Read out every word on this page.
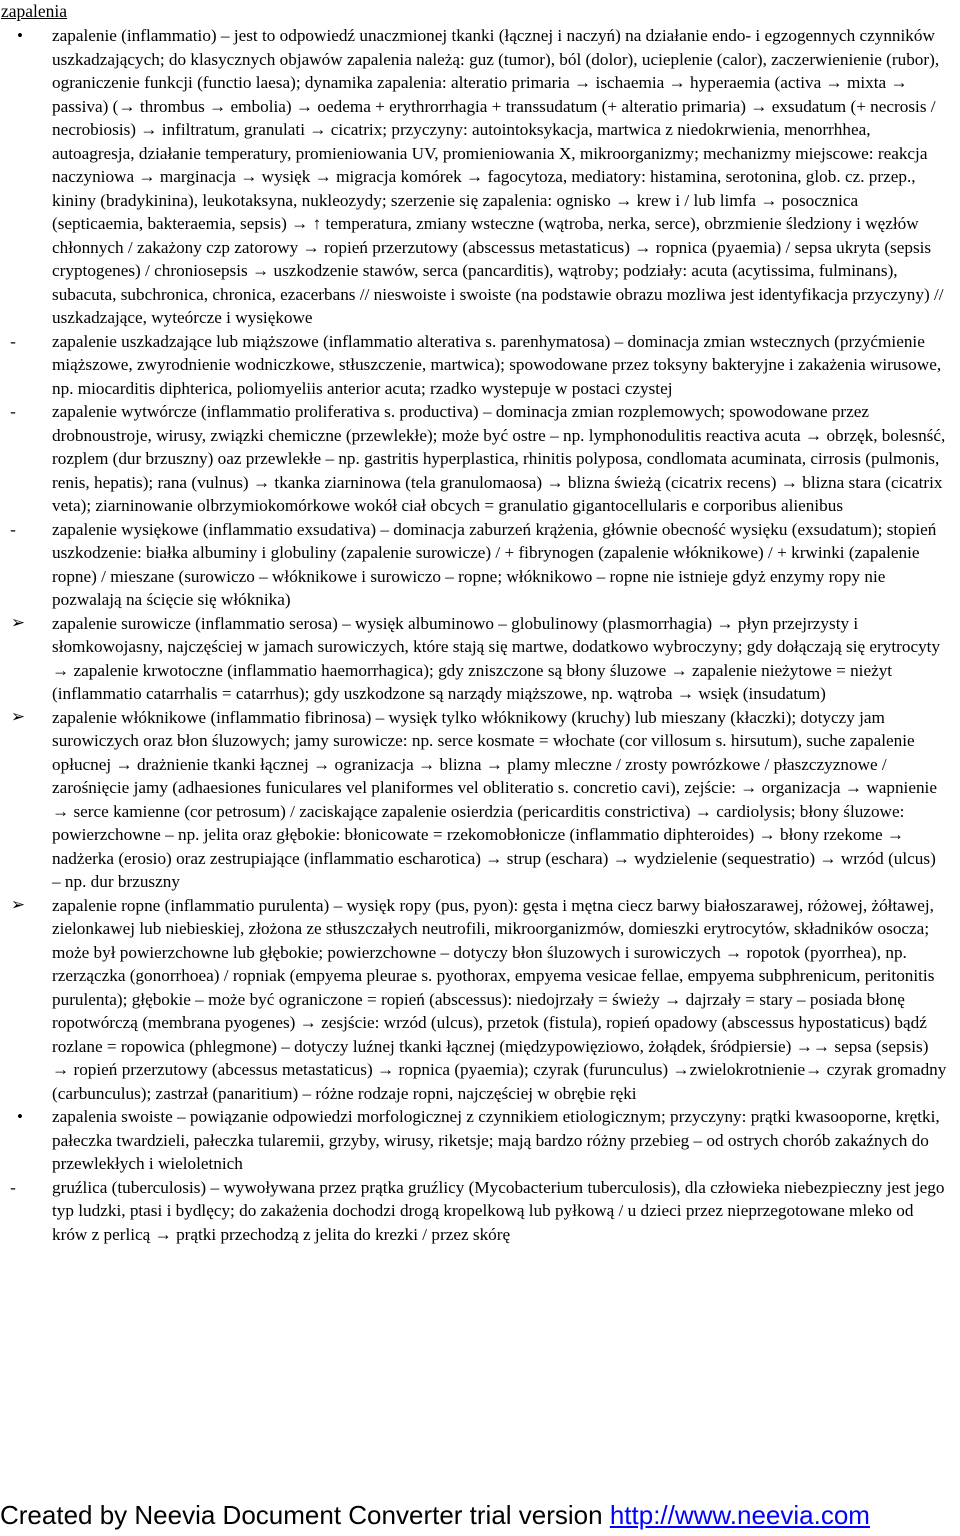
zapalenia
•	zapalenie (inflammatio) – jest to odpowiedź unaczmionej tkanki (łącznej i naczyń) na działanie endo- i egzogennych czynników uszkadzających; do klasycznych objawów zapalenia należą: guz (tumor), ból (dolor), ucieplenie (calor), zaczerwienienie (rubor), ograniczenie funkcji (functio laesa); dynamika zapalenia: alteratio primaria → ischaemia → hyperaemia (activa → mixta → passiva) (→ thrombus → embolia) → oedema + erythrorrhagia + transsudatum (+ alteratio primaria) → exsudatum (+ necrosis / necrobiosis) → infiltratum, granulati → cicatrix; przyczyny: autointoksykacja, martwica z niedokrwienia, menorrhhea, autoagresja, działanie temperatury, promieniowania UV, promieniowania X, mikroorganizmy; mechanizmy miejscowe: reakcja naczyniowa → marginacja → wysięk → migracja komórek → fagocytoza, mediatory: histamina, serotonina, glob. cz. przep., kininy (bradykinina), leukotaksyna, nukleozydy; szerzenie się zapalenia: ognisko → krew i / lub limfa → posocznica (septicaemia, bakteraemia, sepsis) → ↑ temperatura, zmiany wsteczne (wątroba, nerka, serce), obrzmienie śledziony i węzłów chłonnych / zakażony czp zatorowy → ropień przerzutowy (abscessus metastaticus) → ropnica (pyaemia) / sepsa ukryta (sepsis cryptogenes) / chroniosepsis → uszkodzenie stawów, serca (pancarditis), wątroby; podziały: acuta (acytissima, fulminans), subacuta, subchronica, chronica, ezacerbans // nieswoiste i swoiste (na podstawie obrazu mozliwa jest identyfikacja przyczyny) // uszkadzające, wyteórcze i wysiękowe
-	zapalenie uszkadzające lub miąższowe (inflammatio alterativa s. parenhymatosa) – dominacja zmian wstecznych (przyćmienie miąższowe, zwyrodnienie wodniczkowe, stłuszczenie, martwica); spowodowane przez toksyny bakteryjne i zakażenia wirusowe, np. miocarditis diphterica, poliomyeliis anterior acuta; rzadko wystepuje w postaci czystej
-	zapalenie wytwórcze (inflammatio proliferativa s. productiva) – dominacja zmian rozplemowych; spowodowane przez drobnoustroje, wirusy, związki chemiczne (przewlekłe); może być ostre – np. lymphonodulitis reactiva acuta → obrzęk, bolesnść, rozplem (dur brzuszny) oaz przewlekłe – np. gastritis hyperplastica, rhinitis polyposa, condlomata acuminata, cirrosis (pulmonis, renis, hepatis); rana (vulnus) → tkanka ziarninowa (tela granulomaosa) → blizna świeżą (cicatrix recens) → blizna stara (cicatrix veta); ziarninowanie olbrzymiokomórkowe wokół ciał obcych = granulatio gigantocellularis e corporibus alienibus
-	zapalenie wysiękowe (inflammatio exsudativa) – dominacja zaburzeń krążenia, głównie obecność wysięku (exsudatum); stopień uszkodzenie: białka albuminy i globuliny (zapalenie surowicze) / + fibrynogen (zapalenie włóknikowe) / + krwinki (zapalenie ropne) / mieszane (surowiczo – włóknikowe i surowiczo – ropne; włóknikowo – ropne nie istnieje gdyż enzymy ropy nie pozwalają na ścięcie się włóknika)
➢	zapalenie surowicze (inflammatio serosa) – wysięk albuminowo – globulinowy (plasmorrhagia) → płyn przejrzysty i słomkowojasny, najczęściej w jamach surowiczych, które stają się martwe, dodatkowo wybroczyny; gdy dołączają się erytrocyty → zapalenie krwotoczne (inflammatio haemorrhagica); gdy zniszczone są błony śluzowe → zapalenie nieżytowe = nieżyt (inflammatio catarrhalis = catarrhus); gdy uszkodzone są narządy miąższowe, np. wątroba → wsięk (insudatum)
➢	zapalenie włóknikowe (inflammatio fibrinosa) – wysięk tylko włóknikowy (kruchy) lub mieszany (kłaczki); dotyczy jam surowiczych oraz błon śluzowych; jamy surowicze: np. serce kosmate = włochate (cor villosum s. hirsutum), suche zapalenie opłucnej → drażnienie tkanki łącznej → ogranizacja → blizna → plamy mleczne / zrosty powrózkowe / płaszczyznowe / zarośnięcie jamy (adhaesiones funiculares vel planiformes vel obliteratio s. concretio cavi), zejście: → organizacja → wapnienie → serce kamienne (cor petrosum) / zaciskające zapalenie osierdzia (pericarditis constrictiva) → cardiolysis; błony śluzowe: powierzchowne – np. jelita oraz głębokie: błonicowate = rzekomobłonicze (inflammatio diphteroides) → błony rzekome → nadżerka (erosio) oraz zestrupiające (inflammatio escharotica) → strup (eschara) → wydzielenie (sequestratio) → wrzód (ulcus) – np. dur brzuszny
➢	zapalenie ropne (inflammatio purulenta) – wysięk ropy (pus, pyon): gęsta i mętna ciecz barwy białoszarawej, różowej, żółtawej, zielonkawej lub niebieskiej, złożona ze stłuszczałych neutrofili, mikroorganizmów, domieszki erytrocytów, składników osocza; może był powierzchowne lub głębokie; powierzchowne – dotyczy błon śluzowych i surowiczych → ropotok (pyorrhea), np. rzerzączka (gonorrhoea) / ropniak (empyema pleurae s. pyothorax, empyema vesicae fellae, empyema subphrenicum, peritonitis purulenta); głębokie – może być ograniczone = ropień (abscessus): niedojrzały = świeży → dajrzały = stary – posiada błonę ropotwórczą (membrana pyogenes) → zesjście: wrzód (ulcus), przetok (fistula), ropień opadowy (abscessus hypostaticus) bądź rozlane = ropowica (phlegmone) – dotyczy luźnej tkanki łącznej (międzypowięziowo, żołądek, śródpiersie) →→ sepsa (sepsis) → ropień przerzutowy (abcessus metastaticus) → ropnica (pyaemia); czyrak (furunculus) →zwielokrotnienie→ czyrak gromadny (carbunculus); zastrzał (panaritium) – różne rodzaje ropni, najczęściej w obrębie ręki
•	zapalenia swoiste – powiązanie odpowiedzi morfologicznej z czynnikiem etiologicznym; przyczyny: prątki kwasooporne, krętki, pałeczka twardzieli, pałeczka tularemii, grzyby, wirusy, riketsje; mają bardzo różny przebieg – od ostrych chorób zakaźnych do przewlekłych i wieloletnich
-	gruźlica (tuberculosis) – wywoływana przez prątka gruźlicy (Mycobacterium tuberculosis), dla człowieka niebezpieczny jest jego typ ludzki, ptasi i bydlęcy; do zakażenia dochodzi drogą kropelkową lub pyłkową / u dzieci przez nieprzegotowane mleko od krów z perlicą → prątki przechodzą z jelita do krezki / przez skórę
Created by Neevia Document Converter trial version http://www.neevia.com
